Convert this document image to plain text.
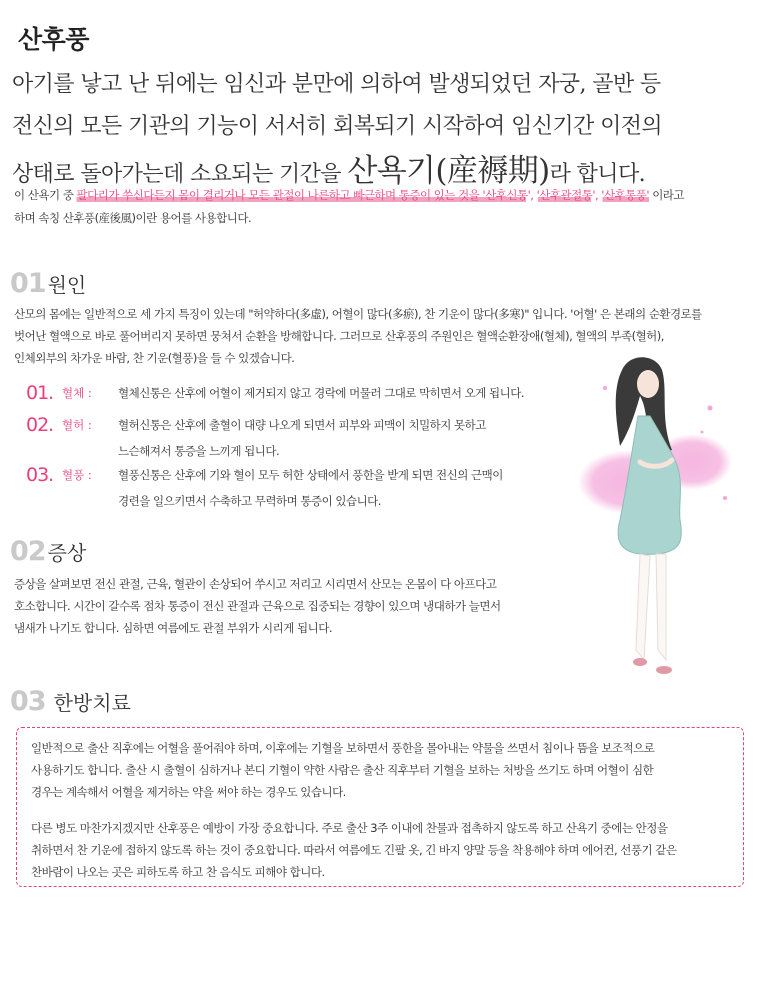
산후풍
아기를 낳고 난 뒤에는 임신과 분만에 의하여 발생되었던 자궁, 골반 등
전신의 모든 기관의 기능이 서서히 회복되기 시작하여 임신기간 이전의
상태로 돌아가는데 소요되는 기간을 산욕기(産褥期)라 합니다.
이 산욕기 중 팔다리가 쑤신다든지 몸이 결리거나 모든 관절이 나른하고 빠근하며 통증이 있는 것을 '산후신통', '산후관절통', '산후통풍' 이라고
하며 속칭 산후풍(産後風)이란 용어를 사용합니다.
01 원인
산모의 몸에는 일반적으로 세 가지 특징이 있는데 "허약하다(多虛), 어혈이 많다(多瘀), 찬 기운이 많다(多寒)" 입니다. '어혈' 은 본래의 순환경로를
벗어난 혈액으로 바로 풀어버리지 못하면 뭉쳐서 순환을 방해합니다. 그러므로 산후풍의 주원인은 혈액순환장애(혈체), 혈액의 부족(혈허),
인체외부의 차가운 바람, 찬 기운(혈풍)을 들 수 있겠습니다.
01. 혈체 :	혈체신통은 산후에 어혈이 제거되지 않고 경락에 머물러 그대로 막히면서 오게 됩니다.
02. 혈허 :	혈허신통은 산후에 출혈이 대량 나오게 되면서 피부와 피맥이 치밀하지 못하고
느슨해져서 통증을 느끼게 됩니다.
03. 혈풍 :	혈풍신통은 산후에 기와 혈이 모두 허한 상태에서 풍한을 받게 되면 전신의 근맥이
경련을 일으키면서 수축하고 무력하며 통증이 있습니다.
02 증상
증상을 살펴보면 전신 관절, 근육, 혈관이 손상되어 쑤시고 저리고 시리면서 산모는 온몸이 다 아프다고
호소합니다. 시간이 갈수록 점차 통증이 전신 관절과 근육으로 집중되는 경향이 있으며 냉대하가 늘면서
냄새가 나기도 합니다. 심하면 여름에도 관절 부위가 시리게 됩니다.
03 한방치료
일반적으로 출산 직후에는 어혈을 풀어줘야 하며, 이후에는 기혈을 보하면서 풍한을 몰아내는 약물을 쓰면서 침이나 뜸을 보조적으로
사용하기도 합니다. 출산 시 출혈이 심하거나 본디 기혈이 약한 사람은 출산 직후부터 기혈을 보하는 처방을 쓰기도 하며 어혈이 심한
경우는 계속해서 어혈을 제거하는 약을 써야 하는 경우도 있습니다.
다른 병도 마찬가지겠지만 산후풍은 예방이 가장 중요합니다. 주로 출산 3주 이내에 찬물과 접촉하지 않도록 하고 산욕기 중에는 안정을
취하면서 찬 기운에 접하지 않도록 하는 것이 중요합니다. 따라서 여름에도 긴팔 옷, 긴 바지 양말 등을 착용해야 하며 에어컨, 선풍기 같은
찬바람이 나오는 곳은 피하도록 하고 찬 음식도 피해야 합니다.
